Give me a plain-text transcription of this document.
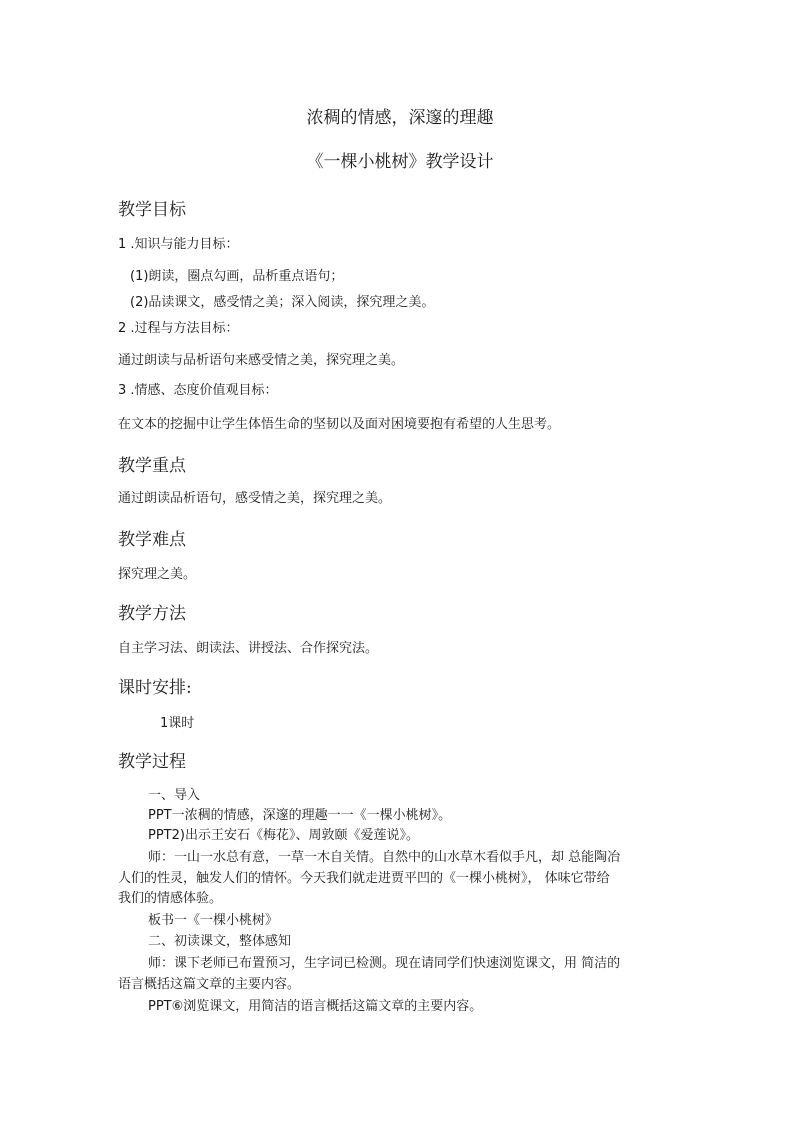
浓稠的情感，深邃的理趣
《一棵小桃树》教学设计
教学目标
1 .知识与能力目标：
(1)朗读，圈点勾画，品析重点语句；
(2)品读课文，感受情之美；深入阅读，探究理之美。
2 .过程与方法目标：
通过朗读与品析语句来感受情之美，探究理之美。
3 .情感、态度价值观目标：
在文本的挖掘中让学生体悟生命的坚韧以及面对困境要抱有希望的人生思考。
教学重点
通过朗读品析语句，感受情之美，探究理之美。
教学难点
探究理之美。
教学方法
自主学习法、朗读法、讲授法、合作探究法。
课时安排:
1课时
教学过程
一、导入
PPT一浓稠的情感，深邃的理趣一一《一棵小桃树》。
PPT2)出示王安石《梅花》、周敦颐《爱莲说》。
师：一山一水总有意，一草一木自关情。自然中的山水草木看似手凡，却 总能陶冶
人们的性灵，触发人们的情怀。今天我们就走进贾平凹的《一棵小桃树》， 体味它带给
我们的情感体验。
板书一《一棵小桃树》
二、初读课文，整体感知
师：课下老师已布置预习，生字词已检测。现在请同学们快速浏览课文，用 简洁的
语言概括这篇文章的主要内容。
PPT⑥浏览课文，用简洁的语言概括这篇文章的主要内容。
